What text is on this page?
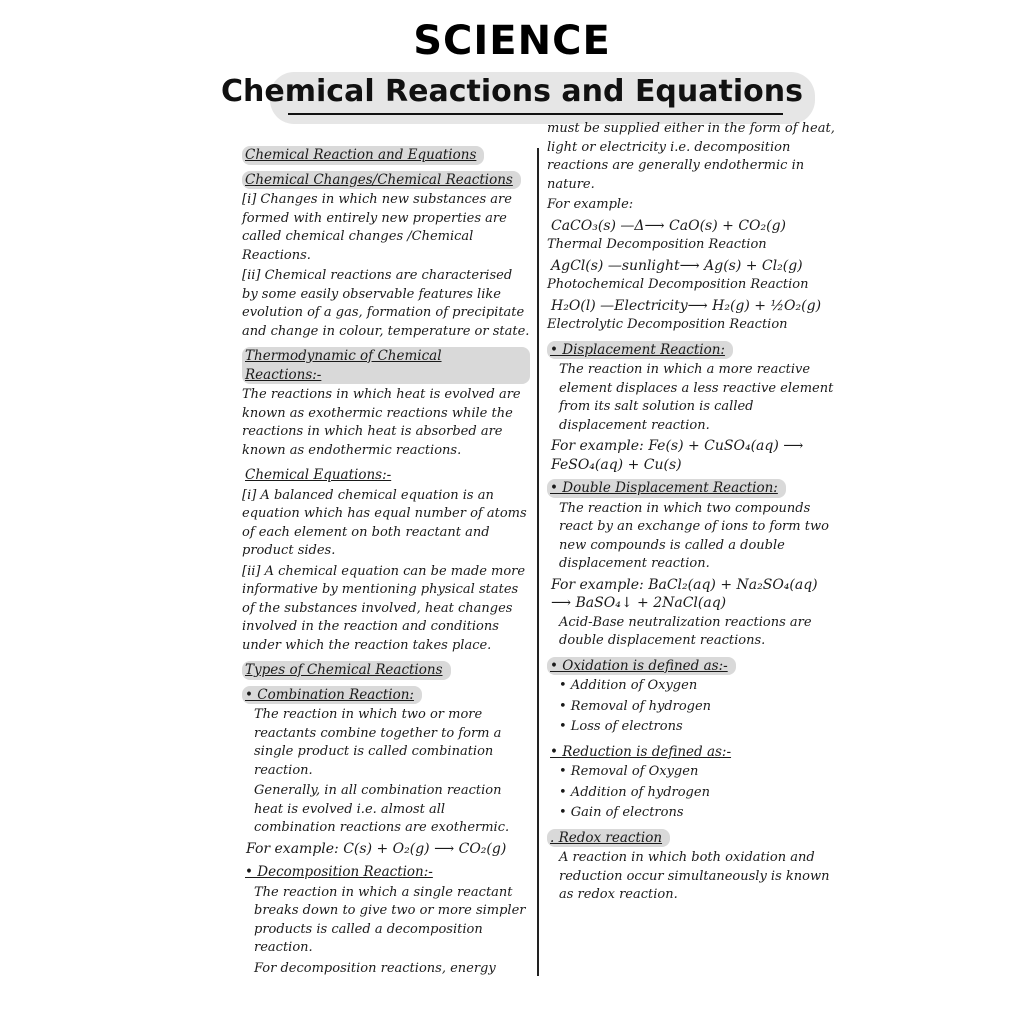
SCIENCE
Chemical Reactions and Equations
Chemical Reaction and Equations Chemical Changes/Chemical Reactions
[i] Changes in which new substances are formed with entirely new properties are called chemical changes /Chemical Reactions.
[ii] Chemical reactions are characterised by some easily observable features like evolution of a gas, formation of precipitate and change in colour, temperature or state.
Thermodynamic of Chemical Reactions:-
The reactions in which heat is evolved are known as exothermic reactions while the reactions in which heat is absorbed are known as endothermic reactions.
Chemical Equations:-
[i] A balanced chemical equation is an equation which has equal number of atoms of each element on both reactant and product sides.
[ii] A chemical equation can be made more informative by mentioning physical states of the substances involved, heat changes involved in the reaction and conditions under which the reaction takes place.
Types of Chemical Reactions • Combination Reaction:
The reaction in which two or more reactants combine together to form a single product is called combination reaction.
Generally, in all combination reaction heat is evolved i.e. almost all combination reactions are exothermic.
For example: C(s) + O₂(g) ⟶ CO₂(g)
• Decomposition Reaction:-
The reaction in which a single reactant breaks down to give two or more simpler products is called a decomposition reaction.
For decomposition reactions, energy
must be supplied either in the form of heat, light or electricity i.e. decomposition reactions are generally endothermic in nature.
For example:
CaCO₃(s) —Δ⟶ CaO(s) + CO₂(g)
Thermal Decomposition Reaction
AgCl(s) —sunlight⟶ Ag(s) + Cl₂(g)
Photochemical Decomposition Reaction
H₂O(l) —Electricity⟶ H₂(g) + ½O₂(g)
Electrolytic Decomposition Reaction
• Displacement Reaction:
The reaction in which a more reactive element displaces a less reactive element from its salt solution is called displacement reaction.
For example: Fe(s) + CuSO₄(aq) ⟶ FeSO₄(aq) + Cu(s)
• Double Displacement Reaction:
The reaction in which two compounds react by an exchange of ions to form two new compounds is called a double displacement reaction.
For example: BaCl₂(aq) + Na₂SO₄(aq) ⟶ BaSO₄↓ + 2NaCl(aq)
Acid-Base neutralization reactions are double displacement reactions.
• Oxidation is defined as:-
• Addition of Oxygen
• Removal of hydrogen
• Loss of electrons
• Reduction is defined as:-
• Removal of Oxygen
• Addition of hydrogen
• Gain of electrons
. Redox reaction
A reaction in which both oxidation and reduction occur simultaneously is known as redox reaction.
